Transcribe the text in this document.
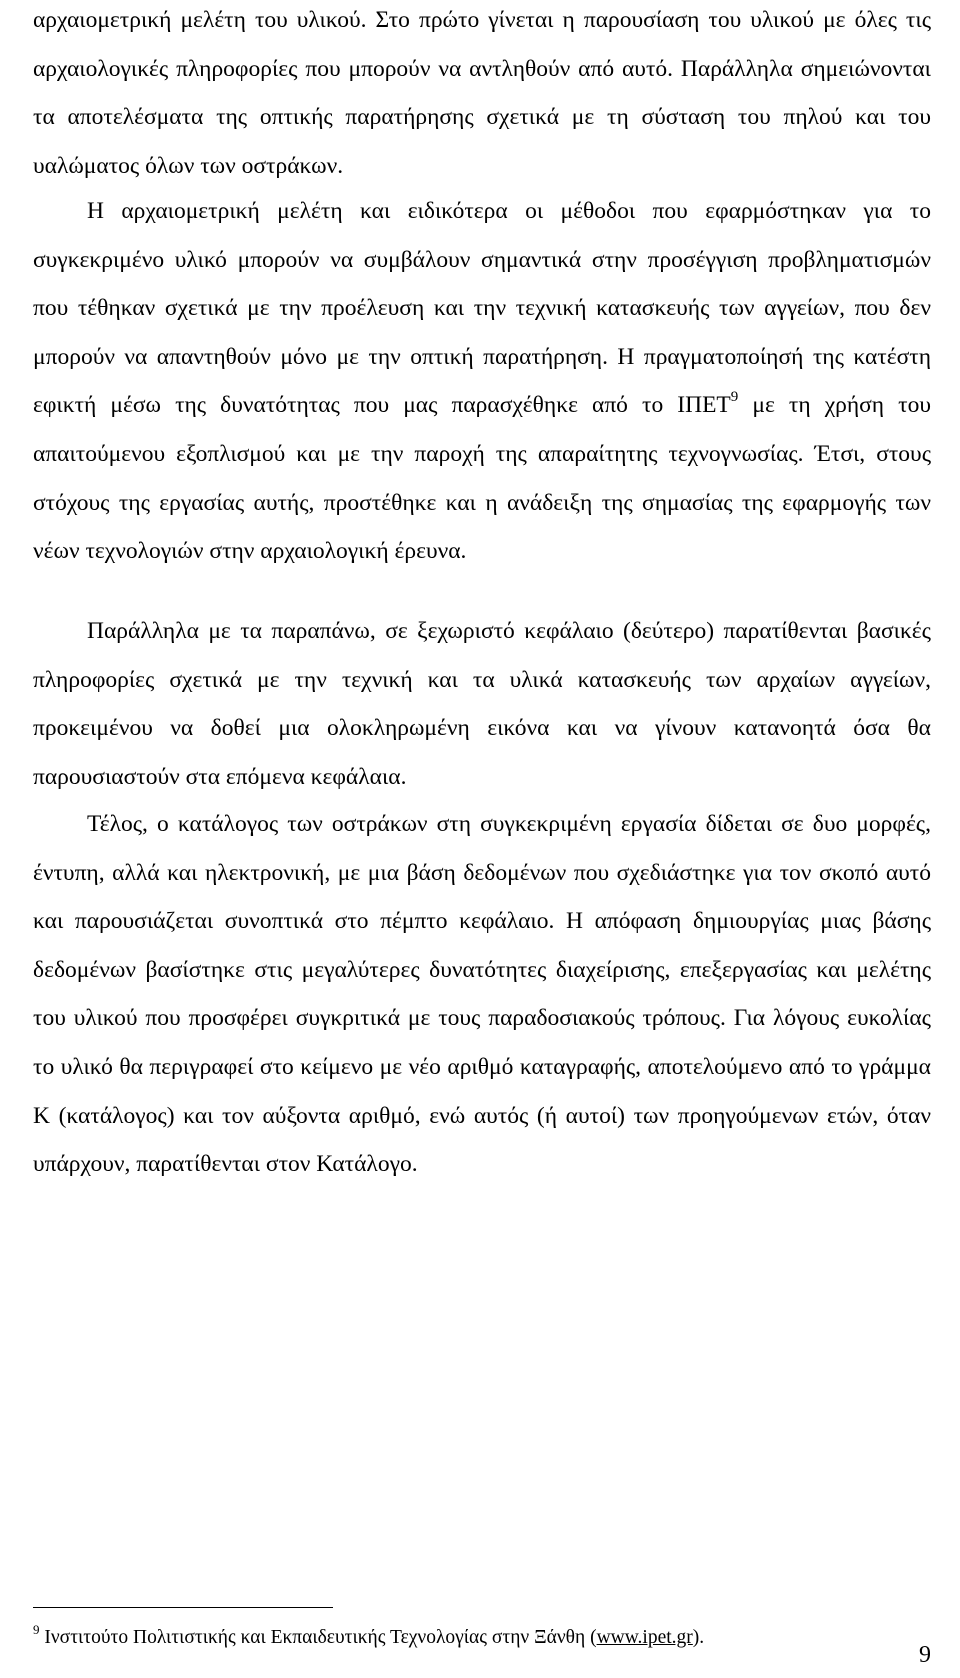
αρχαιομετρική μελέτη του υλικού. Στο πρώτο γίνεται η παρουσίαση του υλικού με όλες τις αρχαιολογικές πληροφορίες που μπορούν να αντληθούν από αυτό. Παράλληλα σημειώνονται τα αποτελέσματα της οπτικής παρατήρησης σχετικά με τη σύσταση του πηλού και του υαλώματος όλων των οστράκων.

Η αρχαιομετρική μελέτη και ειδικότερα οι μέθοδοι που εφαρμόστηκαν για το συγκεκριμένο υλικό μπορούν να συμβάλουν σημαντικά στην προσέγγιση προβληματισμών που τέθηκαν σχετικά με την προέλευση και την τεχνική κατασκευής των αγγείων, που δεν μπορούν να απαντηθούν μόνο με την οπτική παρατήρηση. Η πραγματοποίησή της κατέστη εφικτή μέσω της δυνατότητας που μας παρασχέθηκε από το ΙΠΕΤ$^9$ με τη χρήση του απαιτούμενου εξοπλισμού και με την παροχή της απαραίτητης τεχνογνωσίας. Έτσι, στους στόχους της εργασίας αυτής, προστέθηκε και η ανάδειξη της σημασίας της εφαρμογής των νέων τεχνολογιών στην αρχαιολογική έρευνα.

Παράλληλα με τα παραπάνω, σε ξεχωριστό κεφάλαιο (δεύτερο) παρατίθενται βασικές πληροφορίες σχετικά με την τεχνική και τα υλικά κατασκευής των αρχαίων αγγείων, προκειμένου να δοθεί μια ολοκληρωμένη εικόνα και να γίνουν κατανοητά όσα θα παρουσιαστούν στα επόμενα κεφάλαια.

Τέλος, ο κατάλογος των οστράκων στη συγκεκριμένη εργασία δίδεται σε δυο μορφές, έντυπη, αλλά και ηλεκτρονική, με μια βάση δεδομένων που σχεδιάστηκε για τον σκοπό αυτό και παρουσιάζεται συνοπτικά στο πέμπτο κεφάλαιο. Η απόφαση δημιουργίας μιας βάσης δεδομένων βασίστηκε στις μεγαλύτερες δυνατότητες διαχείρισης, επεξεργασίας και μελέτης του υλικού που προσφέρει συγκριτικά με τους παραδοσιακούς τρόπους. Για λόγους ευκολίας το υλικό θα περιγραφεί στο κείμενο με νέο αριθμό καταγραφής, αποτελούμενο από το γράμμα Κ (κατάλογος) και τον αύξοντα αριθμό, ενώ αυτός (ή αυτοί) των προηγούμενων ετών, όταν υπάρχουν, παρατίθενται στον Κατάλογο.

$^9$ Ινστιτούτο Πολιτιστικής και Εκπαιδευτικής Τεχνολογίας στην Ξάνθη (www.ipet.gr).
9
